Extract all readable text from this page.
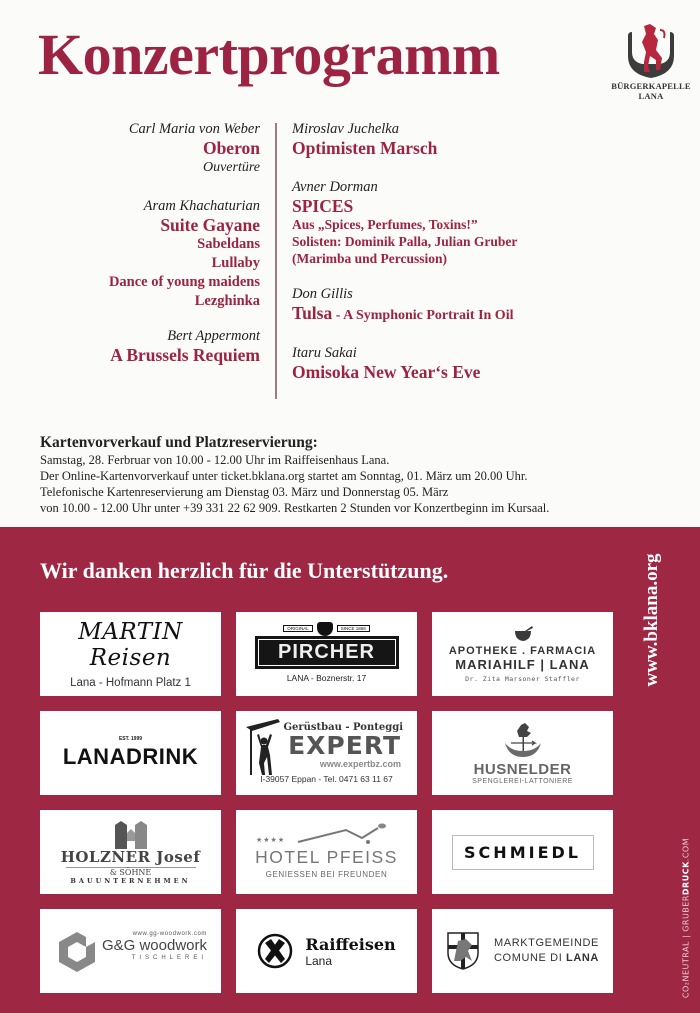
Konzertprogramm	BÜRGERKAPELLE
LANA
Carl Maria von Weber
Oberon
Ouvertüre
Aram Khachaturian
Suite Gayane
Sabeldans
Lullaby
Dance of young maidens
Lezghinka
Bert Appermont
A Brussels Requiem
Miroslav Juchelka
Optimisten Marsch
Avner Dorman
SPICES
Aus „Spices, Perfumes, Toxins!”
Solisten: Dominik Palla, Julian Gruber
(Marimba und Percussion)
Don Gillis
Tulsa - A Symphonic Portrait In Oil
Itaru Sakai
Omisoka New Year‘s Eve
Kartenvorverkauf und Platzreservierung:

Samstag, 28. Ferbruar von 10.00 - 12.00 Uhr im Raiffeisenhaus Lana.

Der Online-Kartenvorverkauf unter ticket.bklana.org startet am Sonntag, 01. März um 20.00 Uhr.

Telefonische Kartenreservierung am Dienstag 03. März und Donnerstag 05. März

von 10.00 - 12.00 Uhr unter +39 331 22 62 909. Restkarten 2 Stunden vor Konzertbeginn im Kursaal.

Wir danken herzlich für die Unterstützung.	www.bklana.org
CO₂NEUTRAL | GRUBERDRUCK.COM
MARTIN Reisen
Lana - Hofmann Platz 1
ORIGINAL	SINCE 1868
PIRCHER
LANA - Boznerstr. 17
APOTHEKE . FARMACIA
MARIAHILF | LANA
Dr. Zita Marsoner Staffler
EST. 1999
LANADRINK
Gerüstbau - Ponteggi
EXPERT
www.expertbz.com
I-39057 Eppan - Tel. 0471 63 11 67
HUSNELDER
SPENGLEREI-LATTONIERE
HOLZNER Josef
& SÖHNE
BAUUNTERNEHMEN
★★★★
HOTEL PFEISS
GENIESSEN BEI FREUNDEN
SCHMIEDL
www.gg-woodwork.com
G&G woodwork
TISCHLEREI
Raiffeisen
Lana
MARKTGEMEINDE
COMUNE DI LANA
